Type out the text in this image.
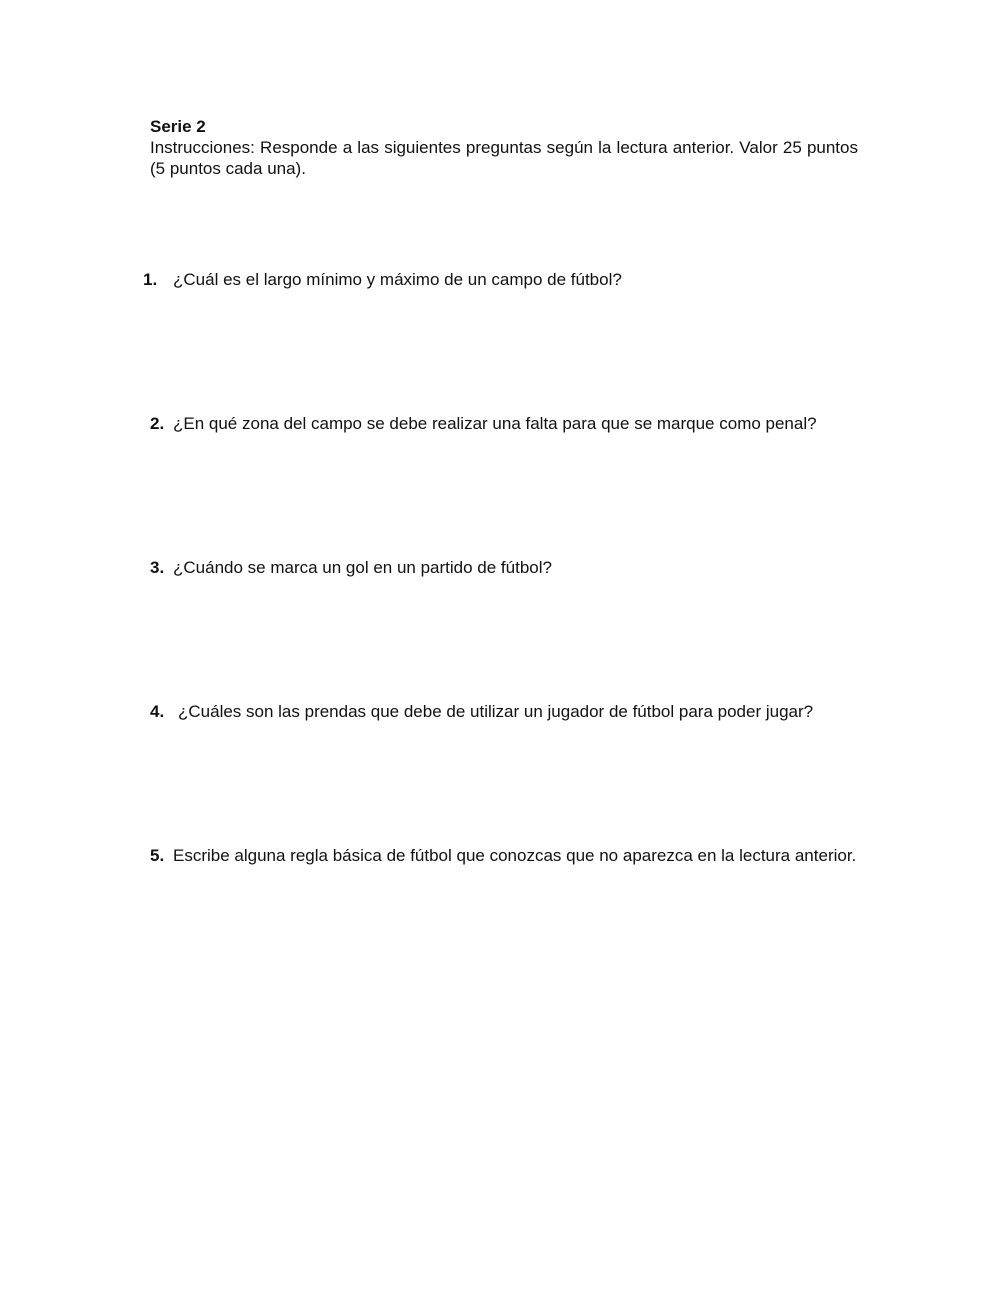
Serie 2

Instrucciones: Responde a las siguientes preguntas según la lectura anterior. Valor 25 puntos (5 puntos cada una).

1. ¿Cuál es el largo mínimo y máximo de un campo de fútbol?
2. ¿En qué zona del campo se debe realizar una falta para que se marque como penal?
3. ¿Cuándo se marca un gol en un partido de fútbol?
4. ¿Cuáles son las prendas que debe de utilizar un jugador de fútbol para poder jugar?
5. Escribe alguna regla básica de fútbol que conozcas que no aparezca en la lectura anterior.
